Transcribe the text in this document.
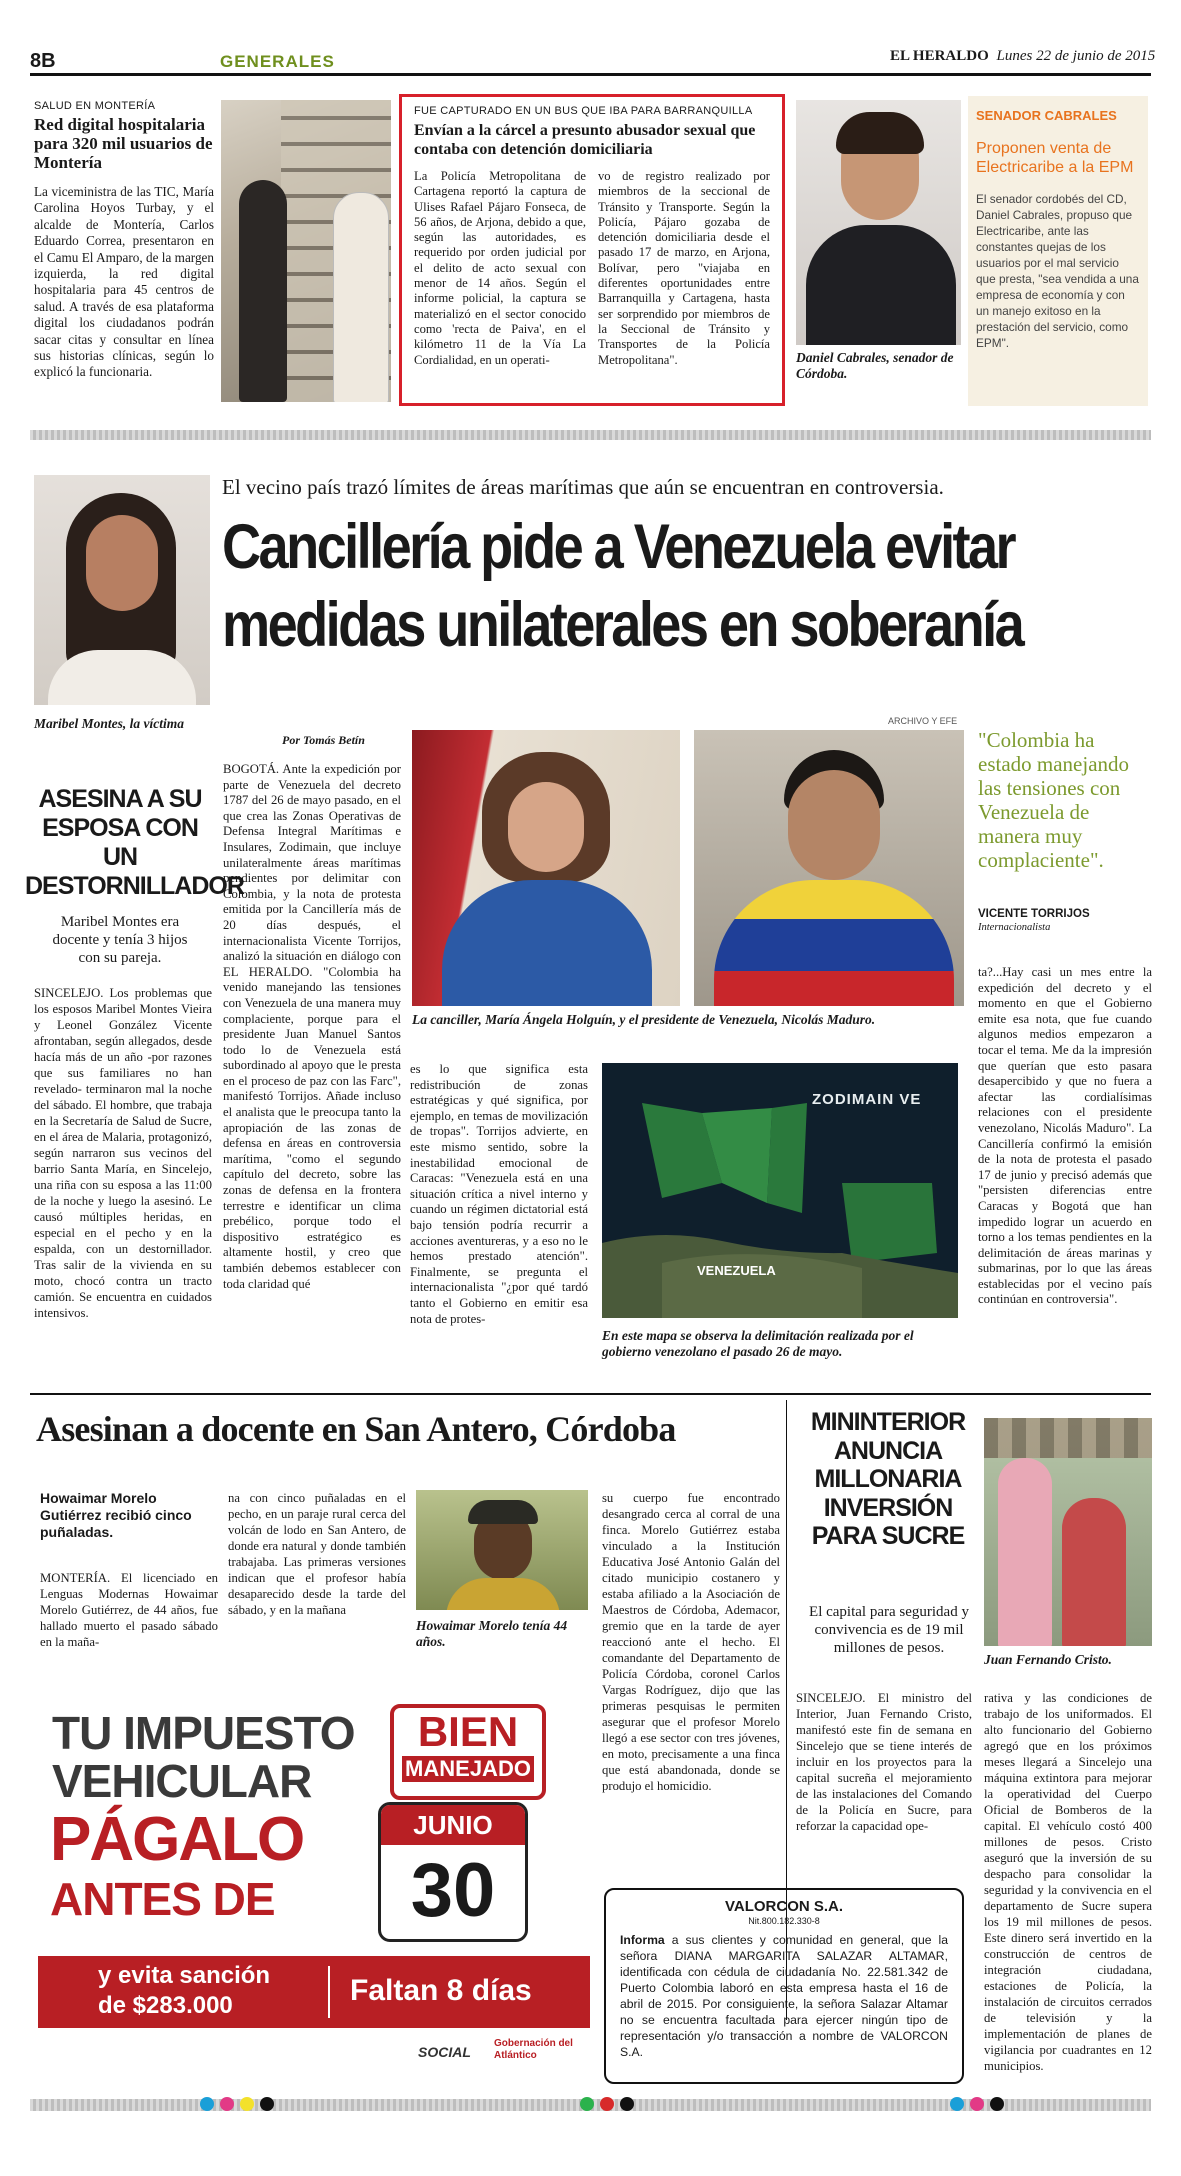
8B	GENERALES	EL HERALDO Lunes 22 de junio de 2015
SALUD EN MONTERÍA
Red digital hospitalaria para 320 mil usuarios de Montería
La viceministra de las TIC, María Carolina Hoyos Turbay, y el alcalde de Montería, Carlos Eduardo Correa, presentaron en el Camu El Amparo, de la margen izquierda, la red digital hospitalaria para 45 centros de salud. A través de esa plataforma digital los ciudadanos podrán sacar citas y consultar en línea sus historias clínicas, según lo explicó la funcionaria.
FUE CAPTURADO EN UN BUS QUE IBA PARA BARRANQUILLA
Envían a la cárcel a presunto abusador sexual que contaba con detención domiciliaria
La Policía Metropolitana de Cartagena reportó la captura de Ulises Rafael Pájaro Fonseca, de 56 años, de Arjona, debido a que, según las autoridades, es requerido por orden judicial por el delito de acto sexual con menor de 14 años. Según el informe policial, la captura se materializó en el sector conocido como 'recta de Paiva', en el kilómetro 11 de la Vía La Cordialidad, en un operati-
vo de registro realizado por miembros de la seccional de Tránsito y Transporte. Según la Policía, Pájaro gozaba de detención domiciliaria desde el pasado 17 de marzo, en Arjona, Bolívar, pero "viajaba en diferentes oportunidades entre Barranquilla y Cartagena, hasta ser sorprendido por miembros de la Seccional de Tránsito y Transportes de la Policía Metropolitana".	Daniel Cabrales, senador de Córdoba.
SENADOR CABRALES
Proponen venta de Electricaribe a la EPM
El senador cordobés del CD, Daniel Cabrales, propuso que Electricaribe, ante las constantes quejas de los usuarios por el mal servicio que presta, "sea vendida a una empresa de economía y con un manejo exitoso en la prestación del servicio, como EPM".
Maribel Montes, la víctima
El vecino país trazó límites de áreas marítimas que aún se encuentran en controversia.
Cancillería pide a Venezuela evitar
medidas unilaterales en soberanía
ASESINA A SU ESPOSA CON UN DESTORNILLADOR
Maribel Montes era docente y tenía 3 hijos con su pareja.
SINCELEJO. Los problemas que los esposos Maribel Montes Vieira y Leonel González Vicente afrontaban, según allegados, desde hacía más de un año -por razones que sus familiares no han revelado- terminaron mal la noche del sábado. El hombre, que trabaja en la Secretaría de Salud de Sucre, en el área de Malaria, protagonizó, según narraron sus vecinos del barrio Santa María, en Sincelejo, una riña con su esposa a las 11:00 de la noche y luego la asesinó. Le causó múltiples heridas, en especial en el pecho y en la espalda, con un destornillador. Tras salir de la vivienda en su moto, chocó contra un tracto camión. Se encuentra en cuidados intensivos.
Por Tomás Betín
BOGOTÁ. Ante la expedición por parte de Venezuela del decreto 1787 del 26 de mayo pasado, en el que crea las Zonas Operativas de Defensa Integral Marítimas e Insulares, Zodimain, que incluye unilateralmente áreas marítimas pendientes por delimitar con Colombia, y la nota de protesta emitida por la Cancillería más de 20 días después, el internacionalista Vicente Torrijos, analizó la situación en diálogo con EL HERALDO. "Colombia ha venido manejando las tensiones con Venezuela de una manera muy complaciente, porque para el presidente Juan Manuel Santos todo lo de Venezuela está subordinado al apoyo que le presta en el proceso de paz con las Farc", manifestó Torrijos. Añade incluso el analista que le preocupa tanto la apropiación de las zonas de defensa en áreas en controversia marítima, "como el segundo capítulo del decreto, sobre las zonas de defensa en la frontera terrestre e identificar un clima prebélico, porque todo el dispositivo estratégico es altamente hostil, y creo que también debemos establecer con toda claridad qué
es lo que significa esta redistribución de zonas estratégicas y qué significa, por ejemplo, en temas de movilización de tropas". Torrijos advierte, en este mismo sentido, sobre la inestabilidad emocional de Caracas: "Venezuela está en una situación crítica a nivel interno y cuando un régimen dictatorial está bajo tensión podría recurrir a acciones aventureras, y a eso no le hemos prestado atención". Finalmente, se pregunta el internacionalista "¿por qué tardó tanto el Gobierno en emitir esa nota de protes-
ARCHIVO Y EFE
La canciller, María Ángela Holguín, y el presidente de Venezuela, Nicolás Maduro.
ZODIMAIN VE
VENEZUELA
En este mapa se observa la delimitación realizada por el gobierno venezolano el pasado 26 de mayo.
"Colombia ha estado manejando las tensiones con Venezuela de manera muy complaciente".
VICENTE TORRIJOS
Internacionalista
ta?...Hay casi un mes entre la expedición del decreto y el momento en que el Gobierno emite esa nota, que fue cuando algunos medios empezaron a tocar el tema. Me da la impresión que querían que esto pasara desapercibido y que no fuera a afectar las cordialísimas relaciones con el presidente venezolano, Nicolás Maduro". La Cancillería confirmó la emisión de la nota de protesta el pasado 17 de junio y precisó además que "persisten diferencias entre Caracas y Bogotá que han impedido lograr un acuerdo en torno a los temas pendientes en la delimitación de áreas marinas y submarinas, por lo que las áreas establecidas por el vecino país continúan en controversia".
Asesinan a docente en San Antero, Córdoba
Howaimar Morelo Gutiérrez recibió cinco puñaladas.
MONTERÍA. El licenciado en Lenguas Modernas Howaimar Morelo Gutiérrez, de 44 años, fue hallado muerto el pasado sábado en la maña-
na con cinco puñaladas en el pecho, en un paraje rural cerca del volcán de lodo en San Antero, de donde era natural y donde también trabajaba. Las primeras versiones indican que el profesor había desaparecido desde la tarde del sábado, y en la mañana
Howaimar Morelo tenía 44 años.
su cuerpo fue encontrado desangrado cerca al corral de una finca. Morelo Gutiérrez estaba vinculado a la Institución Educativa José Antonio Galán del citado municipio costanero y estaba afiliado a la Asociación de Maestros de Córdoba, Ademacor, gremio que en la tarde de ayer reaccionó ante el hecho. El comandante del Departamento de Policía Córdoba, coronel Carlos Vargas Rodríguez, dijo que las primeras pesquisas le permiten asegurar que el profesor Morelo llegó a ese sector con tres jóvenes, en moto, precisamente a una finca que está abandonada, donde se produjo el homicidio.
MININTERIOR ANUNCIA MILLONARIA INVERSIÓN PARA SUCRE
El capital para seguridad y convivencia es de 19 mil millones de pesos.
Juan Fernando Cristo.
SINCELEJO. El ministro del Interior, Juan Fernando Cristo, manifestó este fin de semana en Sincelejo que se tiene interés de incluir en los proyectos para la capital sucreña el mejoramiento de las instalaciones del Comando de la Policía en Sucre, para reforzar la capacidad ope-
rativa y las condiciones de trabajo de los uniformados. El alto funcionario del Gobierno agregó que en los próximos meses llegará a Sincelejo una máquina extintora para mejorar la operatividad del Cuerpo Oficial de Bomberos de la capital. El vehículo costó 400 millones de pesos. Cristo aseguró que la inversión de su despacho para consolidar la seguridad y la convivencia en el departamento de Sucre supera los 19 mil millones de pesos. Este dinero será invertido en la construcción de centros de integración ciudadana, estaciones de Policía, la instalación de circuitos cerrados de televisión y la implementación de planes de vigilancia por cuadrantes en 12 municipios.
TU IMPUESTO
VEHICULAR
BIEN
MANEJADO
PÁGALO
ANTES DE
JUNIO
30
y evita sanción
de $283.000	Faltan 8 días
SOCIAL
Gobernación del Atlántico
VALORCON S.A.
Nit.800.182.330-8
Informa a sus clientes y comunidad en general, que la señora DIANA MARGARITA SALAZAR ALTAMAR, identificada con cédula de ciudadanía No. 22.581.342 de Puerto Colombia laboró en esta empresa hasta el 16 de abril de 2015. Por consiguiente, la señora Salazar Altamar no se encuentra facultada para ejercer ningún tipo de representación y/o transacción a nombre de VALORCON S.A.
